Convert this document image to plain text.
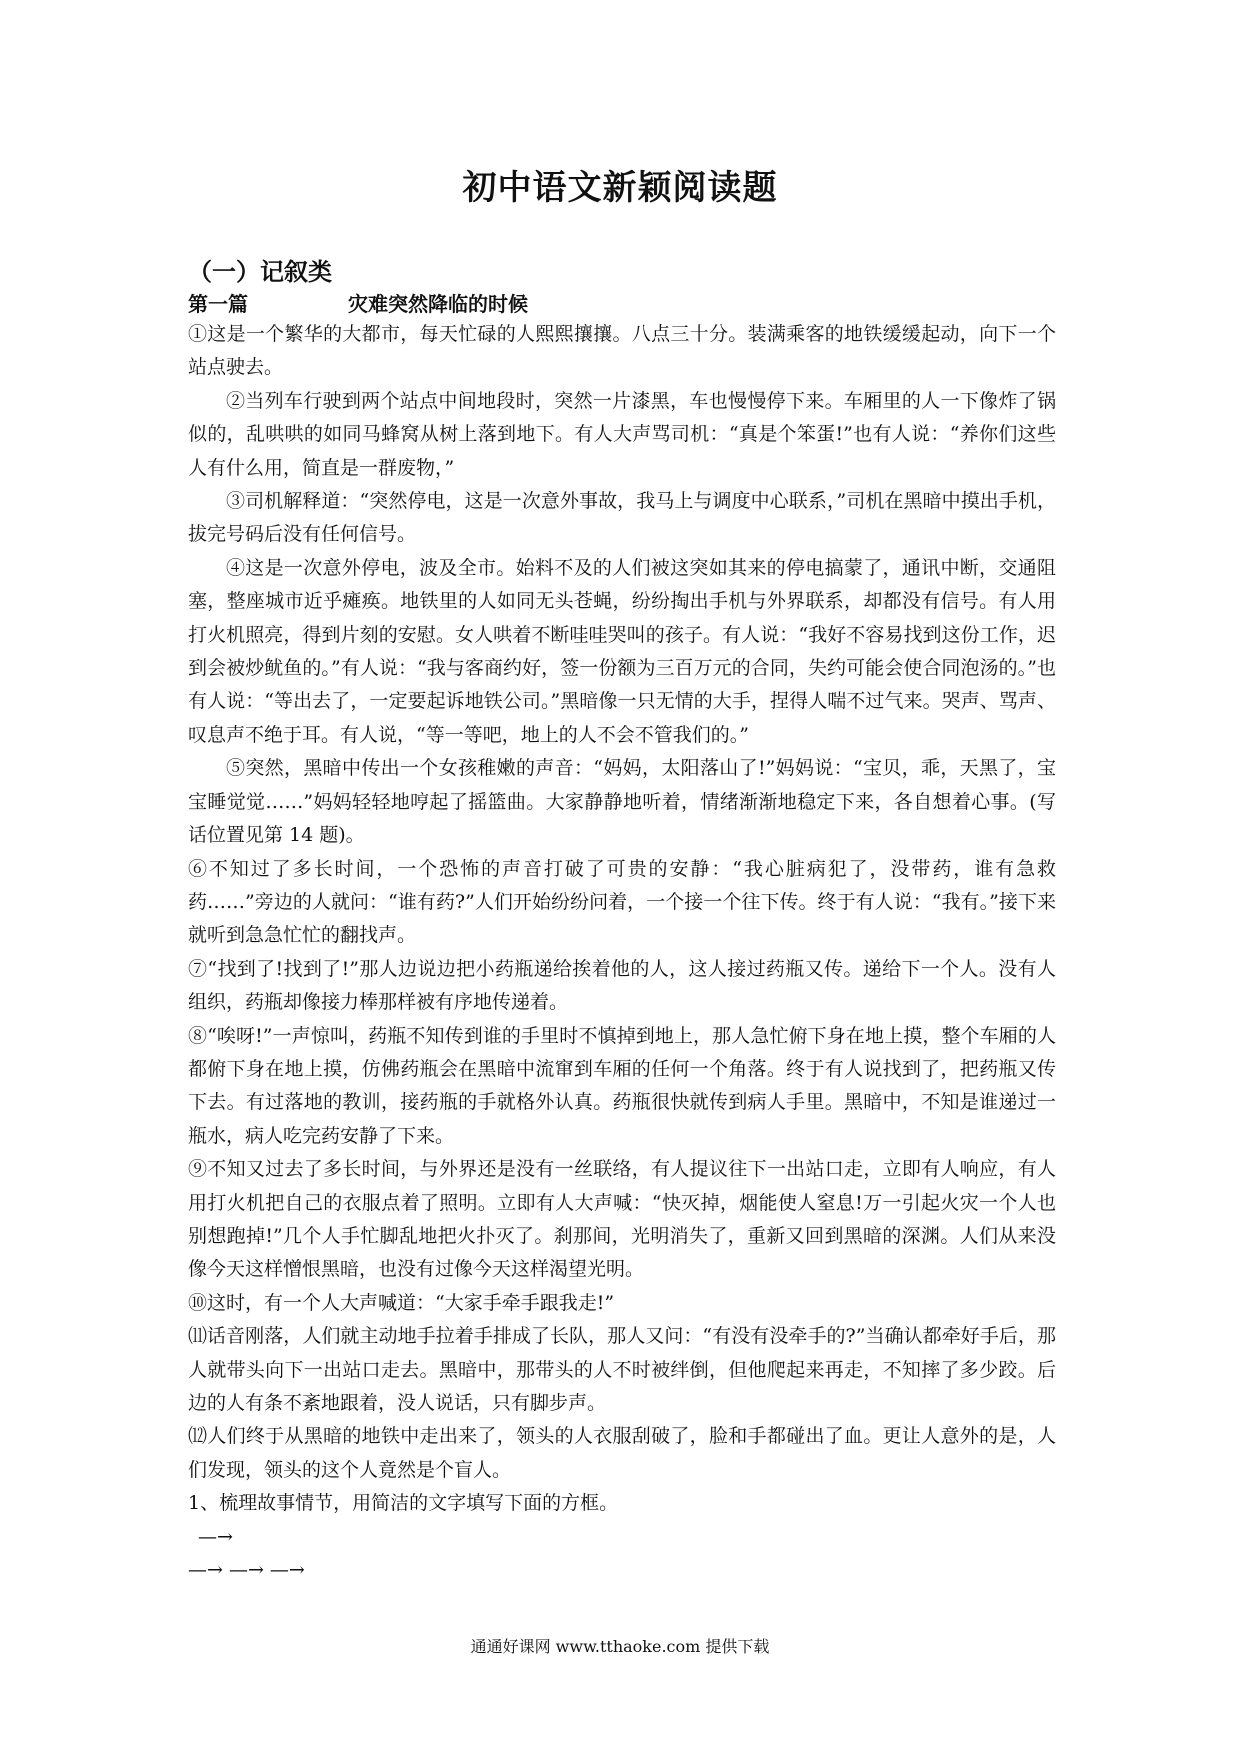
初中语文新颖阅读题
（一）记叙类
第一篇	灾难突然降临的时候

①这是一个繁华的大都市，每天忙碌的人熙熙攘攘。八点三十分。装满乘客的地铁缓缓起动，向下一个站点驶去。

②当列车行驶到两个站点中间地段时，突然一片漆黑，车也慢慢停下来。车厢里的人一下像炸了锅似的，乱哄哄的如同马蜂窝从树上落到地下。有人大声骂司机：“真是个笨蛋!”也有人说：“养你们这些人有什么用，简直是一群废物，”

③司机解释道：“突然停电，这是一次意外事故，我马上与调度中心联系，”司机在黑暗中摸出手机，拔完号码后没有任何信号。

④这是一次意外停电，波及全市。始料不及的人们被这突如其来的停电搞蒙了，通讯中断，交通阻塞，整座城市近乎瘫痪。地铁里的人如同无头苍蝇，纷纷掏出手机与外界联系，却都没有信号。有人用打火机照亮，得到片刻的安慰。女人哄着不断哇哇哭叫的孩子。有人说：“我好不容易找到这份工作，迟到会被炒鱿鱼的。”有人说：“我与客商约好，签一份额为三百万元的合同，失约可能会使合同泡汤的。”也有人说：“等出去了，一定要起诉地铁公司。”黑暗像一只无情的大手，捏得人喘不过气来。哭声、骂声、叹息声不绝于耳。有人说，“等一等吧，地上的人不会不管我们的。”

⑤突然，黑暗中传出一个女孩稚嫩的声音：“妈妈，太阳落山了!”妈妈说：“宝贝，乖，天黑了，宝宝睡觉觉……”妈妈轻轻地哼起了摇篮曲。大家静静地听着，情绪渐渐地稳定下来，各自想着心事。(写话位置见第 14 题)。

⑥不知过了多长时间，一个恐怖的声音打破了可贵的安静：“我心脏病犯了，没带药，谁有急救药……”旁边的人就问：“谁有药?”人们开始纷纷问着，一个接一个往下传。终于有人说：“我有。”接下来就听到急急忙忙的翻找声。

⑦“找到了!找到了!”那人边说边把小药瓶递给挨着他的人，这人接过药瓶又传。递给下一个人。没有人组织，药瓶却像接力棒那样被有序地传递着。

⑧“唉呀!”一声惊叫，药瓶不知传到谁的手里时不慎掉到地上，那人急忙俯下身在地上摸，整个车厢的人都俯下身在地上摸，仿佛药瓶会在黑暗中流窜到车厢的任何一个角落。终于有人说找到了，把药瓶又传下去。有过落地的教训，接药瓶的手就格外认真。药瓶很快就传到病人手里。黑暗中，不知是谁递过一瓶水，病人吃完药安静了下来。

⑨不知又过去了多长时间，与外界还是没有一丝联络，有人提议往下一出站口走，立即有人响应，有人用打火机把自己的衣服点着了照明。立即有人大声喊：“快灭掉，烟能使人窒息!万一引起火灾一个人也别想跑掉!”几个人手忙脚乱地把火扑灭了。刹那间，光明消失了，重新又回到黑暗的深渊。人们从来没像今天这样憎恨黑暗，也没有过像今天这样渴望光明。

⑩这时，有一个人大声喊道：“大家手牵手跟我走!”

⑾话音刚落，人们就主动地手拉着手排成了长队，那人又问：“有没有没牵手的?”当确认都牵好手后，那人就带头向下一出站口走去。黑暗中，那带头的人不时被绊倒，但他爬起来再走，不知摔了多少跤。后边的人有条不紊地跟着，没人说话，只有脚步声。

⑿人们终于从黑暗的地铁中走出来了，领头的人衣服刮破了，脸和手都碰出了血。更让人意外的是，人们发现，领头的这个人竟然是个盲人。

1、梳理故事情节，用简洁的文字填写下面的方框。

—→

—→ —→ —→

通通好课网 www.tthaoke.com 提供下载
